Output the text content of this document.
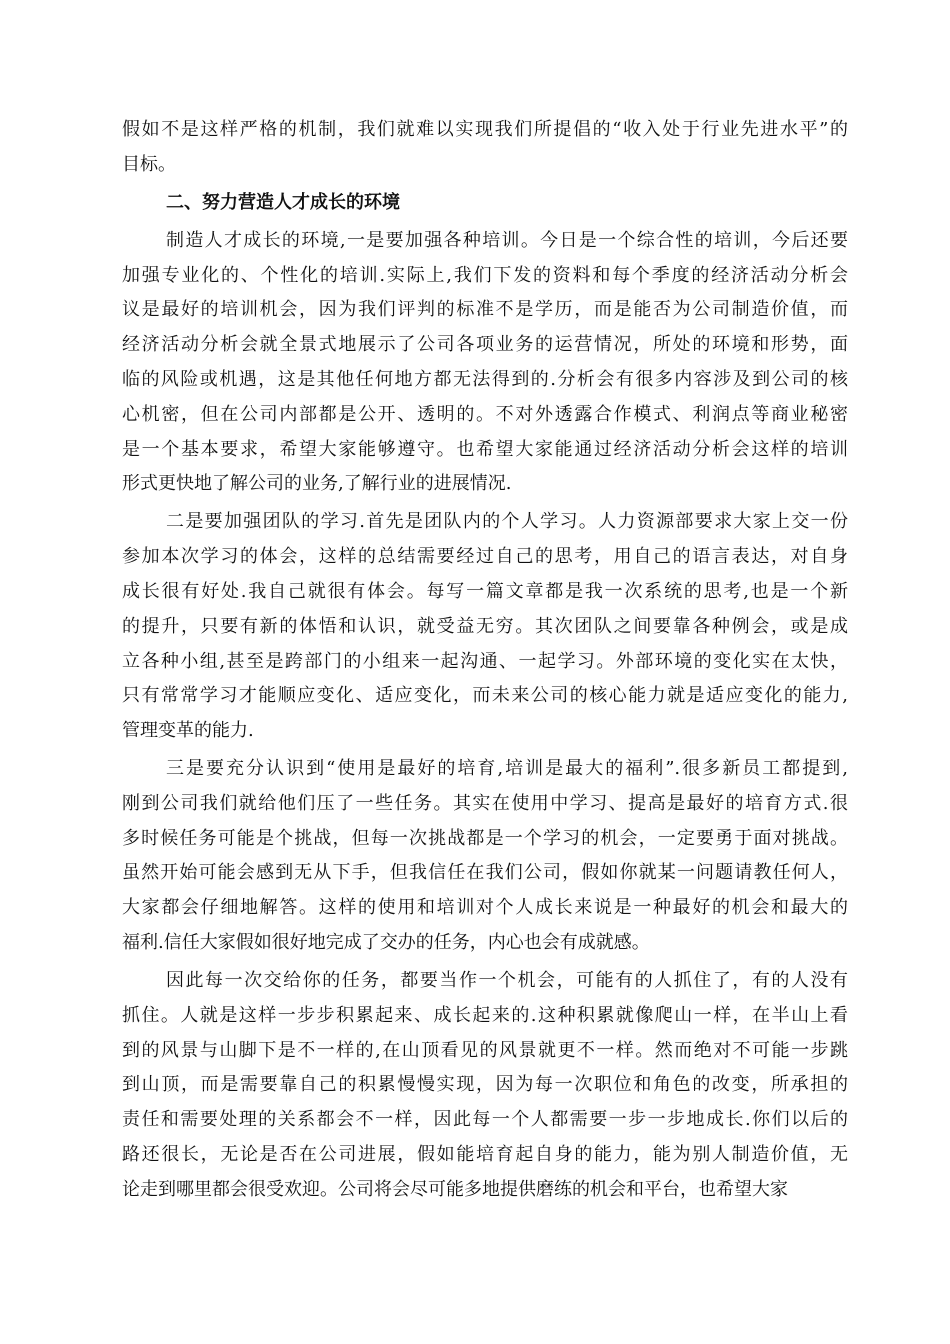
假如不是这样严格的机制，我们就难以实现我们所提倡的“收入处于行业先进水平”的
目标。
二、努力营造人才成长的环境
制造人才成长的环境,一是要加强各种培训。今日是一个综合性的培训，今后还要
加强专业化的、个性化的培训.实际上,我们下发的资料和每个季度的经济活动分析会
议是最好的培训机会，因为我们评判的标准不是学历，而是能否为公司制造价值，而
经济活动分析会就全景式地展示了公司各项业务的运营情况，所处的环境和形势，面
临的风险或机遇，这是其他任何地方都无法得到的.分析会有很多内容涉及到公司的核
心机密，但在公司内部都是公开、透明的。不对外透露合作模式、利润点等商业秘密
是一个基本要求，希望大家能够遵守。也希望大家能通过经济活动分析会这样的培训
形式更快地了解公司的业务,了解行业的进展情况.
二是要加强团队的学习.首先是团队内的个人学习。人力资源部要求大家上交一份
参加本次学习的体会，这样的总结需要经过自己的思考，用自己的语言表达，对自身
成长很有好处.我自己就很有体会。每写一篇文章都是我一次系统的思考,也是一个新
的提升，只要有新的体悟和认识，就受益无穷。其次团队之间要靠各种例会，或是成
立各种小组,甚至是跨部门的小组来一起沟通、一起学习。外部环境的变化实在太快，
只有常常学习才能顺应变化、适应变化，而未来公司的核心能力就是适应变化的能力,
管理变革的能力.
三是要充分认识到“使用是最好的培育,培训是最大的福利”.很多新员工都提到,
刚到公司我们就给他们压了一些任务。其实在使用中学习、提高是最好的培育方式.很
多时候任务可能是个挑战，但每一次挑战都是一个学习的机会，一定要勇于面对挑战。
虽然开始可能会感到无从下手，但我信任在我们公司，假如你就某一问题请教任何人，
大家都会仔细地解答。这样的使用和培训对个人成长来说是一种最好的机会和最大的
福利.信任大家假如很好地完成了交办的任务，内心也会有成就感。
因此每一次交给你的任务，都要当作一个机会，可能有的人抓住了，有的人没有
抓住。人就是这样一步步积累起来、成长起来的.这种积累就像爬山一样，在半山上看
到的风景与山脚下是不一样的,在山顶看见的风景就更不一样。然而绝对不可能一步跳
到山顶，而是需要靠自己的积累慢慢实现，因为每一次职位和角色的改变，所承担的
责任和需要处理的关系都会不一样，因此每一个人都需要一步一步地成长.你们以后的
路还很长，无论是否在公司进展，假如能培育起自身的能力，能为别人制造价值，无
论走到哪里都会很受欢迎。公司将会尽可能多地提供磨练的机会和平台，也希望大家
